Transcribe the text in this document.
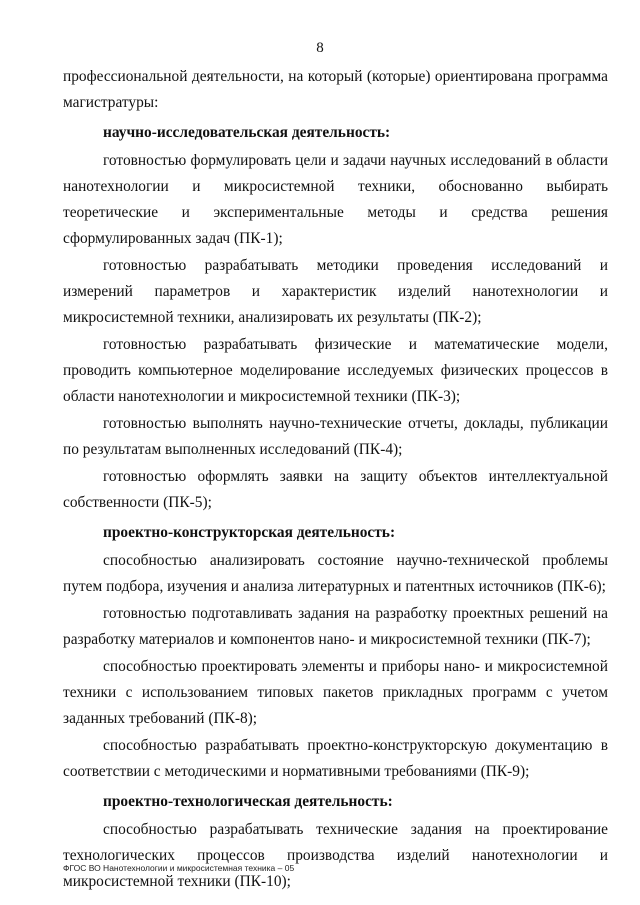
8

профессиональной деятельности, на который (которые) ориентирована программа магистратуры:

научно-исследовательская деятельность:

готовностью формулировать цели и задачи научных исследований в области нанотехнологии и микросистемной техники, обоснованно выбирать теоретические и экспериментальные методы и средства решения сформулированных задач (ПК-1);

готовностью разрабатывать методики проведения исследований и измерений параметров и характеристик изделий нанотехнологии и микросистемной техники, анализировать их результаты (ПК-2);

готовностью разрабатывать физические и математические модели, проводить компьютерное моделирование исследуемых физических процессов в области нанотехнологии и микросистемной техники (ПК-3);

готовностью выполнять научно-технические отчеты, доклады, публикации по результатам выполненных исследований (ПК-4);

готовностью оформлять заявки на защиту объектов интеллектуальной собственности (ПК-5);

проектно-конструкторская деятельность:

способностью анализировать состояние научно-технической проблемы путем подбора, изучения и анализа литературных и патентных источников (ПК-6);

готовностью подготавливать задания на разработку проектных решений на разработку материалов и компонентов нано- и микросистемной техники (ПК-7);

способностью проектировать элементы и приборы нано- и микросистемной техники с использованием типовых пакетов прикладных программ с учетом заданных требований (ПК-8);

способностью разрабатывать проектно-конструкторскую документацию в соответствии с методическими и нормативными требованиями (ПК-9);

проектно-технологическая деятельность:

способностью разрабатывать технические задания на проектирование технологических процессов производства изделий нанотехнологии и микросистемной техники (ПК-10);

ФГОС ВО Нанотехнологии и микросистемная техника – 05
